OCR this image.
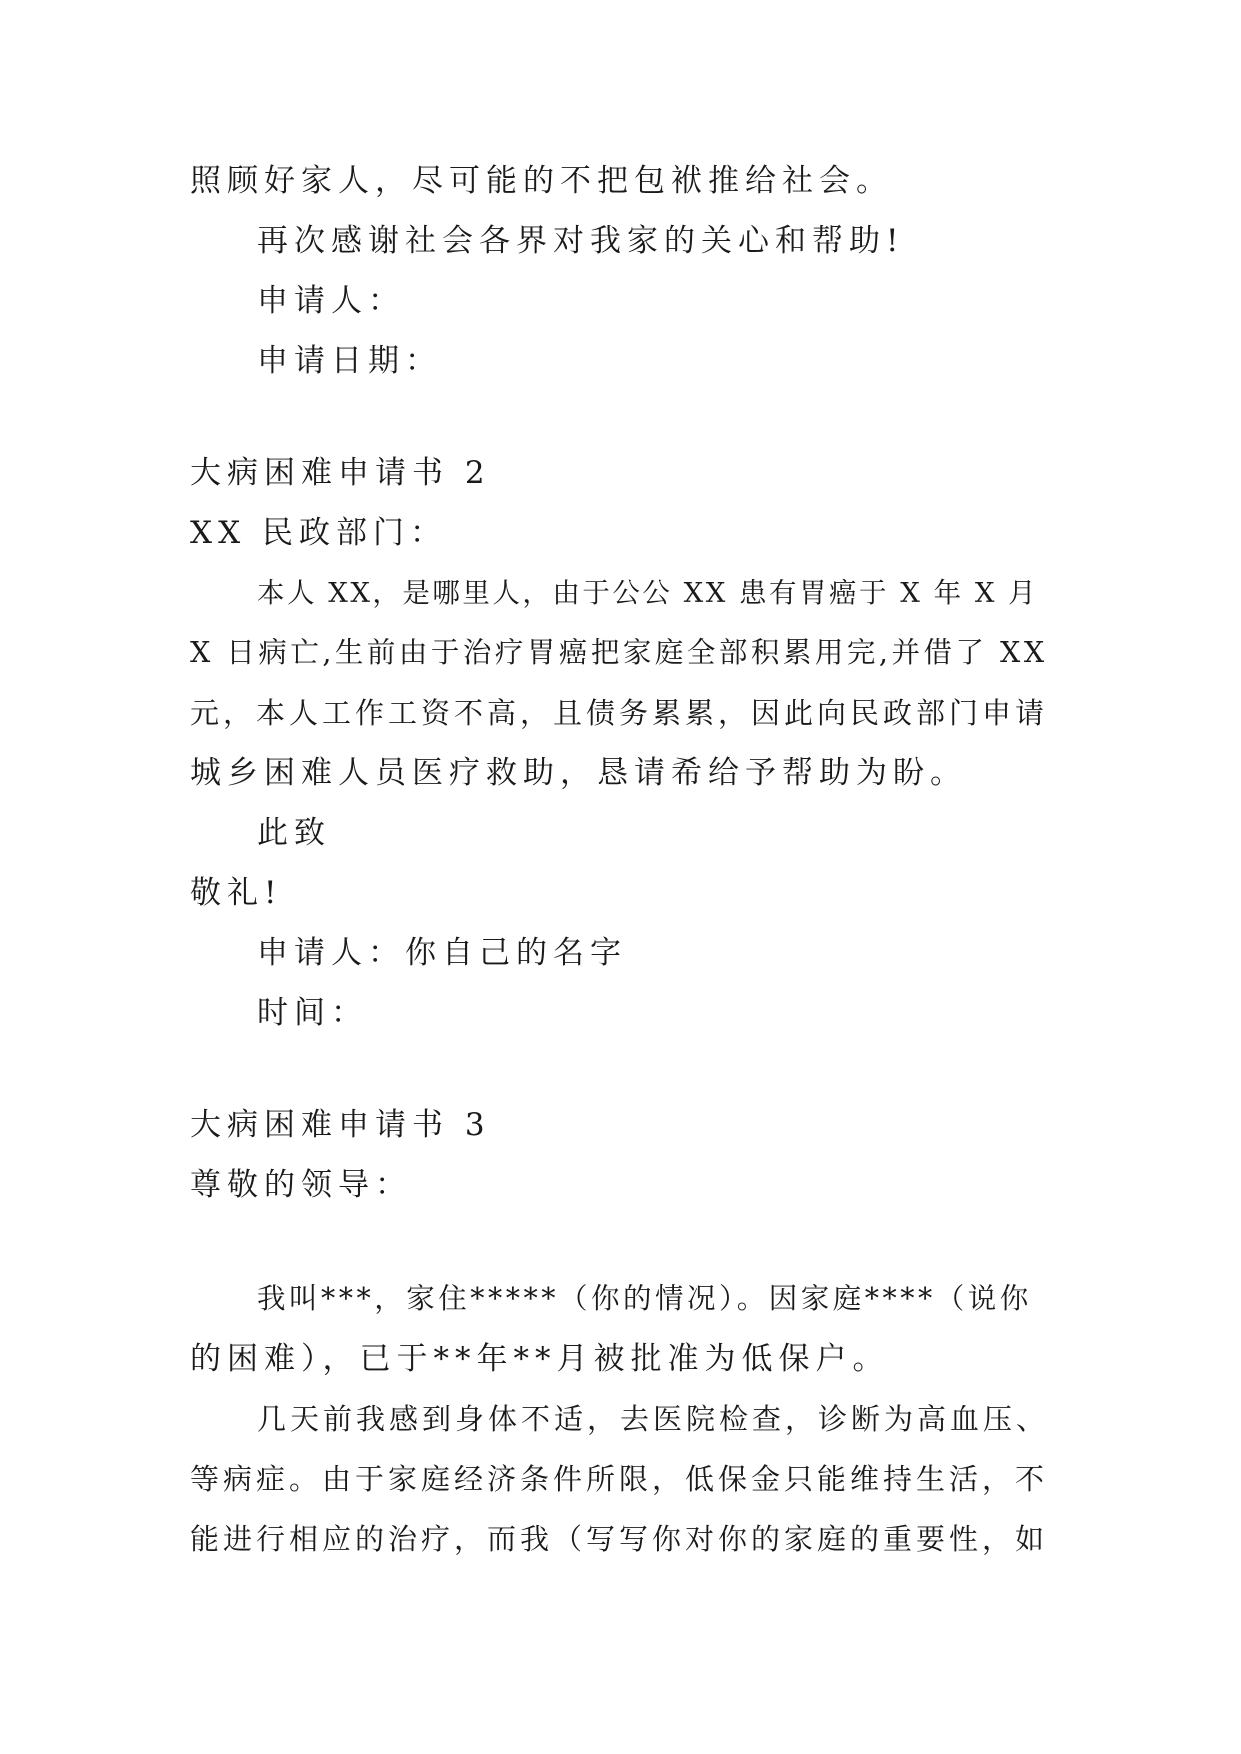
照顾好家人，尽可能的不把包袱推给社会。
再次感谢社会各界对我家的关心和帮助!
申请人：
申请日期：
大病困难申请书 2
XX 民政部门：
本人 XX，是哪里人，由于公公 XX 患有胃癌于 X 年 X 月
X 日病亡,生前由于治疗胃癌把家庭全部积累用完,并借了 XX
元，本人工作工资不高，且债务累累，因此向民政部门申请
城乡困难人员医疗救助，恳请希给予帮助为盼。
此致
敬礼!
申请人：你自己的名字
时间：
大病困难申请书 3
尊敬的领导：
我叫***，家住*****（你的情况）。因家庭****（说你
的困难），已于**年**月被批准为低保户。
几天前我感到身体不适，去医院检查，诊断为高血压、
等病症。由于家庭经济条件所限，低保金只能维持生活，不
能进行相应的治疗，而我（写写你对你的家庭的重要性，如
